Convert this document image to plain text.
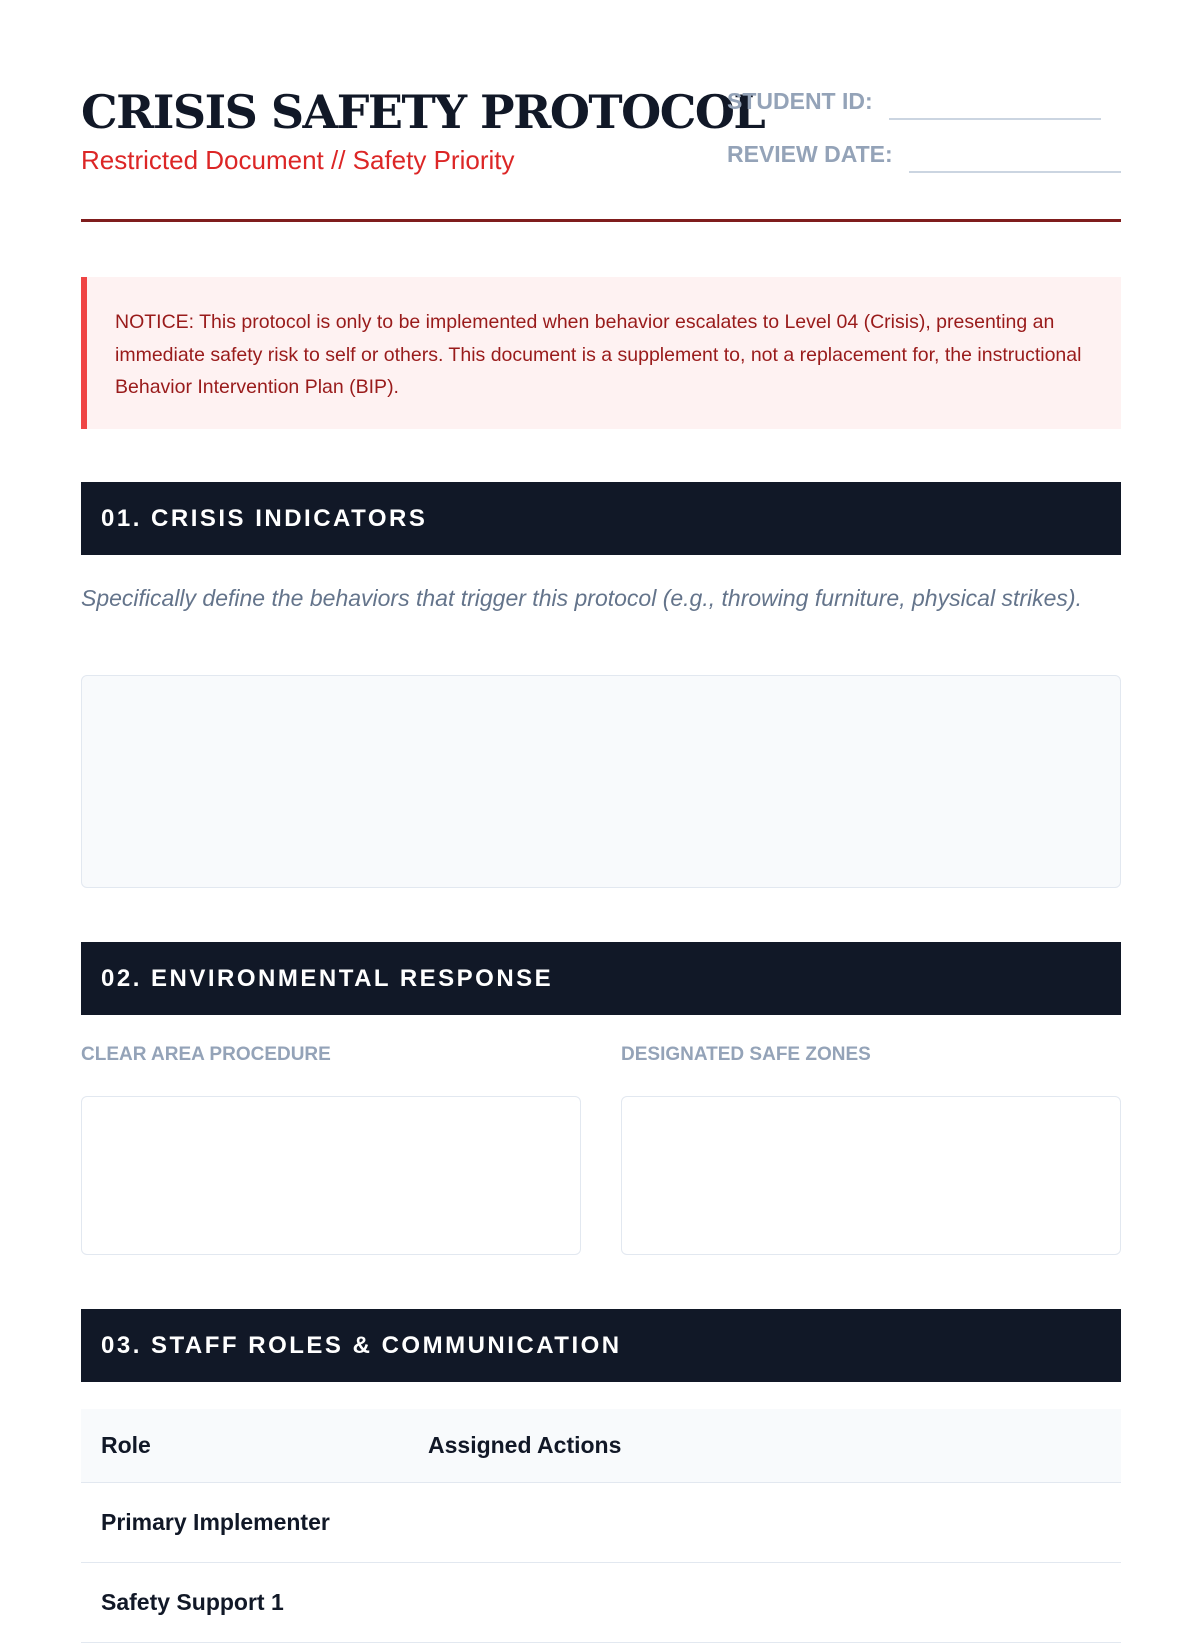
CRISIS SAFETY PROTOCOL
Restricted Document // Safety Priority
STUDENT ID:
REVIEW DATE:

NOTICE: This protocol is only to be implemented when behavior escalates to Level 04 (Crisis), presenting an immediate safety risk to self or others. This document is a supplement to, not a replacement for, the instructional Behavior Intervention Plan (BIP).

01. CRISIS INDICATORS

Specifically define the behaviors that trigger this protocol (e.g., throwing furniture, physical strikes).

02. ENVIRONMENTAL RESPONSE
CLEAR AREA PROCEDURE	DESIGNATED SAFE ZONES
03. STAFF ROLES & COMMUNICATION
Role	Assigned Actions
Primary Implementer
Safety Support 1
